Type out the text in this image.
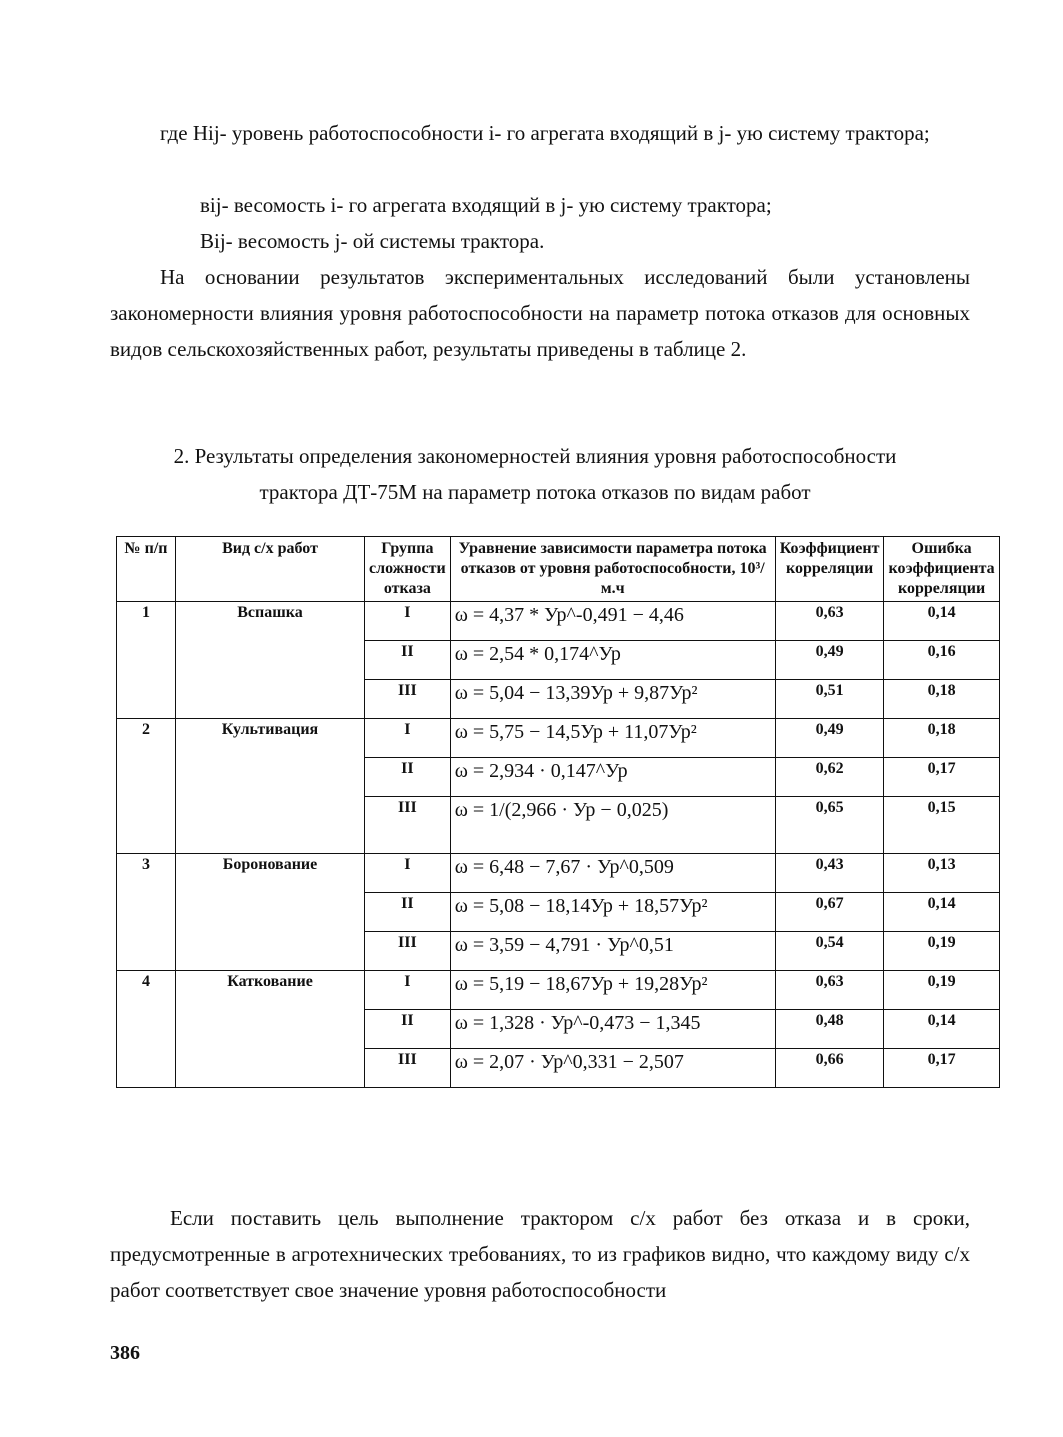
где Hij- уровень работоспособности i- го агрегата входящий в j- ую систему трактора;
вij- весомость i- го агрегата входящий в j- ую систему трактора;
Вij- весомость j- ой системы трактора.
На основании результатов экспериментальных исследований были установлены закономерности влияния уровня работоспособности на параметр потока отказов для основных видов сельскохозяйственных работ, результаты приведены в таблице 2.
2. Результаты определения закономерностей влияния уровня работоспособности
трактора ДТ-75М на параметр потока отказов по видам работ
№ п/п	Вид с/х работ	Группа сложности отказа	Уравнение зависимости параметра потока отказов от уровня работоспособности, 10³/м.ч	Коэффициент корреляции	Ошибка коэффициента корреляции
1	Вспашка	I	ω = 4,37 * Ур^-0,491 − 4,46	0,63	0,14
		II	ω = 2,54 * 0,174^Ур	0,49	0,16
		III	ω = 5,04 − 13,39Ур + 9,87Ур²	0,51	0,18
2	Культивация	I	ω = 5,75 − 14,5Ур + 11,07Ур²	0,49	0,18
		II	ω = 2,934 · 0,147^Ур	0,62	0,17
		III	ω = 1/(2,966 · Ур − 0,025)	0,65	0,15
3	Боронование	I	ω = 6,48 − 7,67 · Ур^0,509	0,43	0,13
		II	ω = 5,08 − 18,14Ур + 18,57Ур²	0,67	0,14
		III	ω = 3,59 − 4,791 · Ур^0,51	0,54	0,19
4	Каткование	I	ω = 5,19 − 18,67Ур + 19,28Ур²	0,63	0,19
		II	ω = 1,328 · Ур^-0,473 − 1,345	0,48	0,14
		III	ω = 2,07 · Ур^0,331 − 2,507	0,66	0,17
Если поставить цель выполнение трактором с/х работ без отказа и в сроки, предусмотренные в агротехнических требованиях, то из графиков видно, что каждому виду с/х работ соответствует свое значение уровня работоспособности
386
